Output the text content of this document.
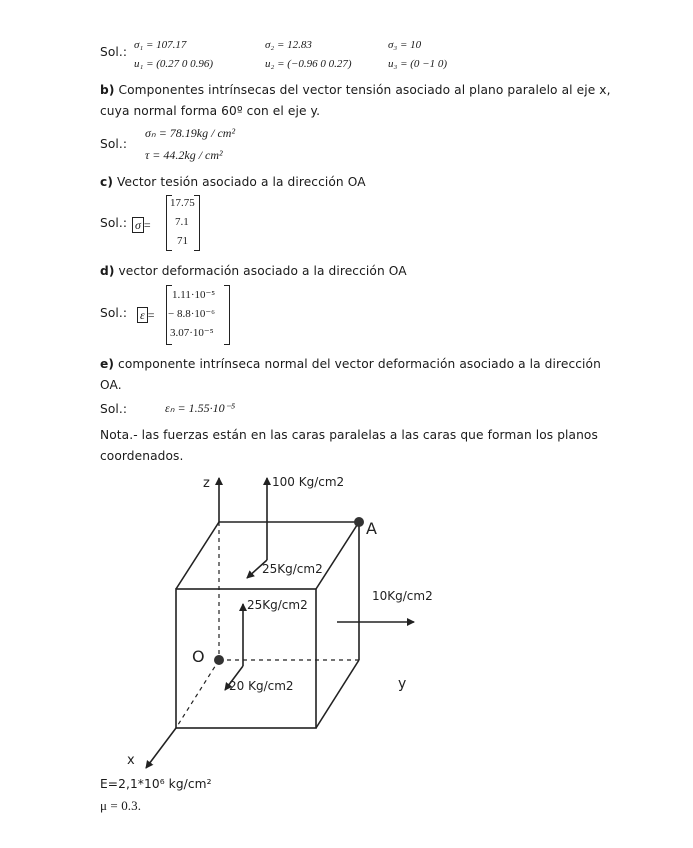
Sol.: σ₁ = 107.17	σ₂ = 12.83	σ₃ = 10
u₁ = (0.27 0 0.96)	u₂ = (−0.96 0 0.27)	u₃ = (0 −1 0)
b) Componentes intrínsecas del vector tensión asociado al plano paralelo al eje x,
cuya normal forma 60º con el eje y.
Sol.:
σₙ = 78.19kg / cm²
τ = 44.2kg / cm²
c) Vector tesión asociado a la dirección OA
Sol.: σ =
17.75
7.1
71
d) vector deformación asociado a la dirección OA
Sol.: ε =
1.11·10⁻⁵
− 8.8·10⁻⁶
3.07·10⁻⁵
e) componente intrínseca normal del vector deformación asociado a la dirección
OA.
Sol.:	εₙ = 1.55·10⁻⁵
Nota.- las fuerzas están en las caras paralelas a las caras que forman los planos
coordenados.
z
y
x
O
A
100 Kg/cm2
25Kg/cm2
25Kg/cm2
10Kg/cm2
20 Kg/cm2
E=2,1*10⁶ kg/cm²
μ = 0.3.
